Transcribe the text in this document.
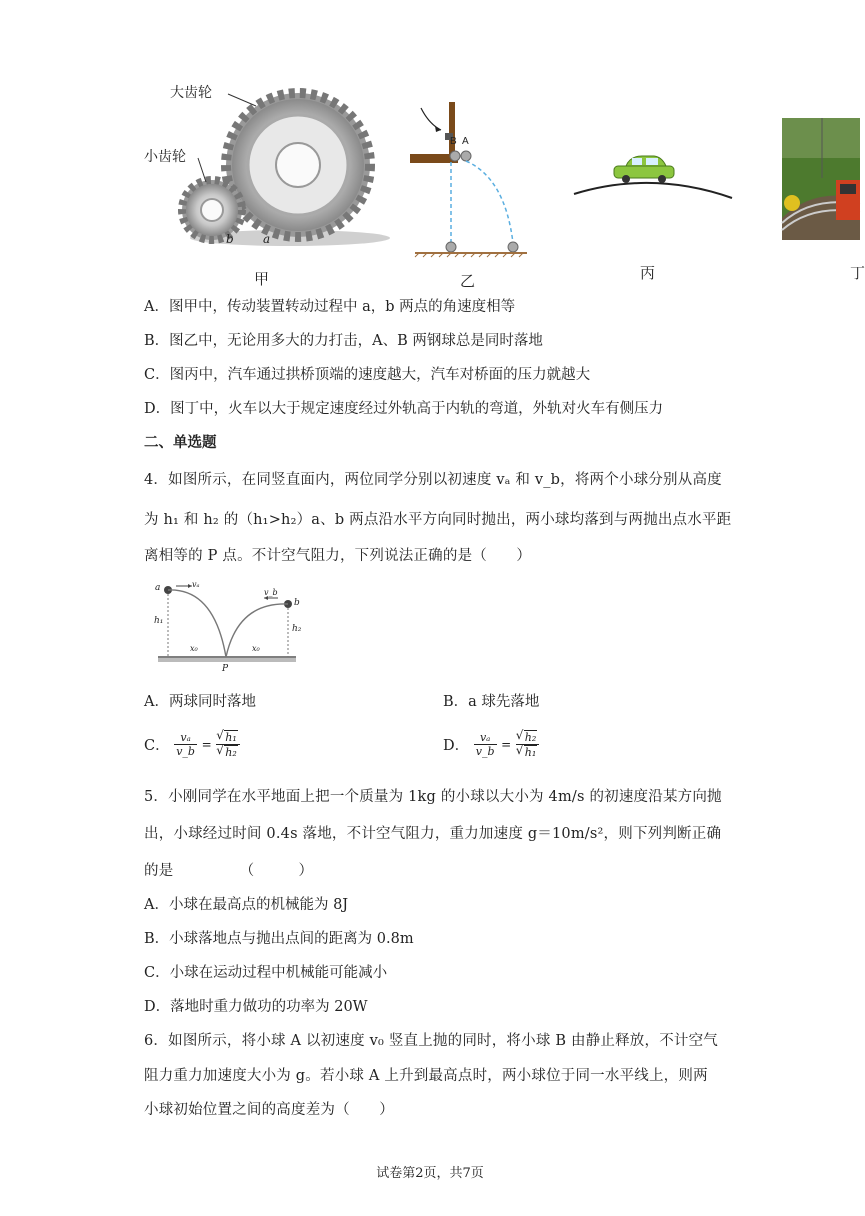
大齿轮
小齿轮
b a
甲
B A
乙	丙	丁
A．图甲中，传动装置转动过程中 a，b 两点的角速度相等
B．图乙中，无论用多大的力打击，A、B 两钢球总是同时落地
C．图丙中，汽车通过拱桥顶端的速度越大，汽车对桥面的压力就越大
D．图丁中，火车以大于规定速度经过外轨高于内轨的弯道，外轨对火车有侧压力
二、单选题
4．如图所示，在同竖直面内，两位同学分别以初速度 vₐ 和 v_b，将两个小球分别从高度
为 h₁ 和 h₂ 的（h₁>h₂）a、b 两点沿水平方向同时抛出，两小球均落到与两抛出点水平距
离相等的 P 点。不计空气阻力，下列说法正确的是（　　）
a	vₐ
v_b
b
h₁
h₂
x₀	x₀
P
A．两球同时落地	B．a 球先落地
C． $\frac{\text{vₐ}}{v\_b}$ = √ h₁
√ h₂	D． $\frac{\text{vₐ}}{v\_b}$ = √ h₂
√ h₁
5．小刚同学在水平地面上把一个质量为 1kg 的小球以大小为 4m/s 的初速度沿某方向抛
出，小球经过时间 0.4s 落地，不计空气阻力，重力加速度 g＝10m/s²，则下列判断正确
的是　　　　　（　　　）
A．小球在最高点的机械能为 8J
B．小球落地点与抛出点间的距离为 0.8m
C．小球在运动过程中机械能可能减小
D．落地时重力做功的功率为 20W
6．如图所示，将小球 A 以初速度 v₀ 竖直上抛的同时，将小球 B 由静止释放，不计空气
阻力重力加速度大小为 g。若小球 A 上升到最高点时，两小球位于同一水平线上，则两
小球初始位置之间的高度差为（　　）
试卷第2页，共7页
